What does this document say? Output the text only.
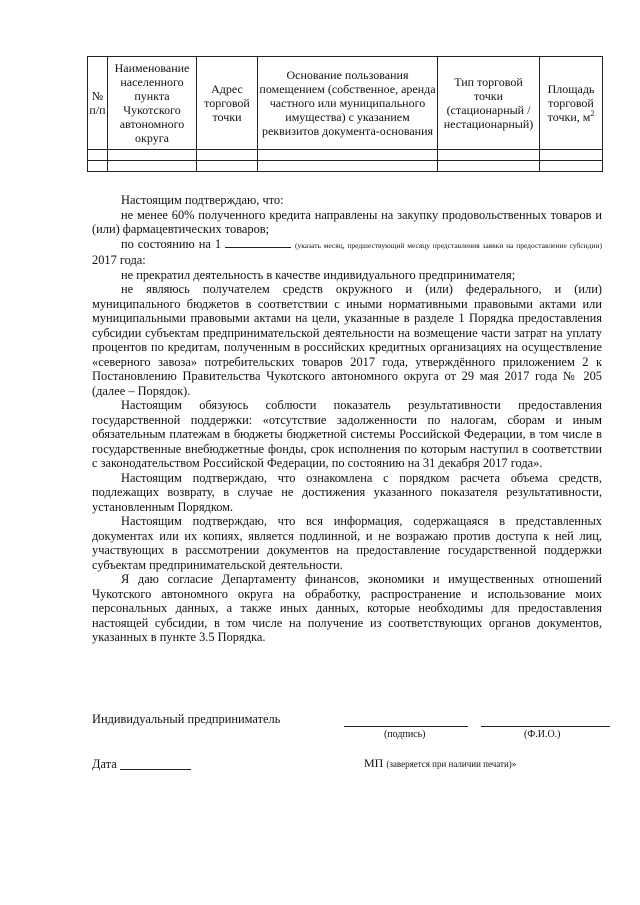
№ п/п	Наименование населенного пункта Чукотского автономного округа	Адрес торговой точки	Основание пользования помещением (собственное, аренда частного или муниципального имущества) с указанием реквизитов документа-основания	Тип торговой точки (стационарный / нестационарный)	Площадь торговой точки, $м^2$

Настоящим подтверждаю, что:

не менее 60% полученного кредита направлены на закупку продовольственных товаров и (или) фармацевтических товаров;

по состоянию на 1	(указать месяц, предшествующий месяцу представления заявки на предоставление субсидии) 2017 года:

не прекратил деятельность в качестве индивидуального предпринимателя;

не являюсь получателем средств окружного и (или) федерального, и (или) муниципального бюджетов в соответствии с иными нормативными правовыми актами или муниципальными правовыми актами на цели, указанные в разделе 1 Порядка предоставления субсидии субъектам предпринимательской деятельности на возмещение части затрат на уплату процентов по кредитам, полученным в российских кредитных организациях на осуществление «северного завоза» потребительских товаров 2017 года, утверждённого приложением 2 к Постановлению Правительства Чукотского автономного округа от 29 мая 2017 года № 205 (далее – Порядок).

Настоящим обязуюсь соблюсти показатель результативности предоставления государственной поддержки: «отсутствие задолженности по налогам, сборам и иным обязательным платежам в бюджеты бюджетной системы Российской Федерации, в том числе в государственные внебюджетные фонды, срок исполнения по которым наступил в соответствии с законодательством Российской Федерации, по состоянию на 31 декабря 2017 года».

Настоящим подтверждаю, что ознакомлена с порядком расчета объема средств, подлежащих возврату, в случае не достижения указанного показателя результативности, установленным Порядком.

Настоящим подтверждаю, что вся информация, содержащаяся в представленных документах или их копиях, является подлинной, и не возражаю против доступа к ней лиц, участвующих в рассмотрении документов на предоставление государственной поддержки субъектам предпринимательской деятельности.

Я даю согласие Департаменту финансов, экономики и имущественных отношений Чукотского автономного округа на обработку, распространение и использование моих персональных данных, а также иных данных, которые необходимы для предоставления настоящей субсидии, в том числе на получение из соответствующих органов документов, указанных в пункте 3.5 Порядка.

Индивидуальный предприниматель
(подпись)	(Ф.И.О.)
Дата	МП (заверяется при наличии печати)»
